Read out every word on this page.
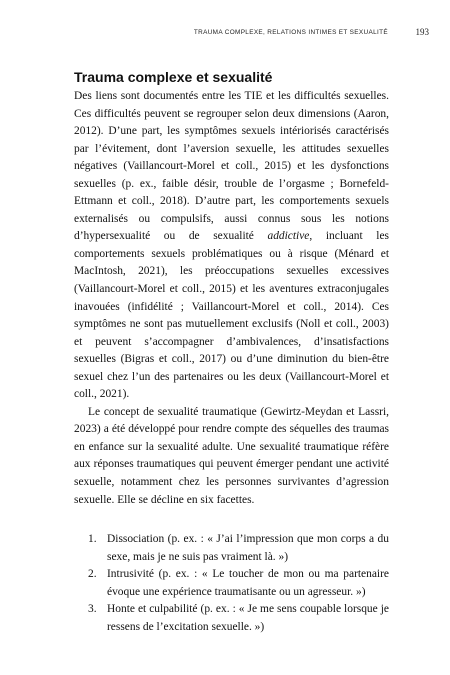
TRAUMA COMPLEXE, RELATIONS INTIMES ET SEXUALITÉ	193
Trauma complexe et sexualité

Des liens sont documentés entre les TIE et les difficultés sexuelles. Ces difficultés peuvent se regrouper selon deux dimensions (Aaron, 2012). D’une part, les symptômes sexuels intériorisés caractérisés par l’évitement, dont l’aversion sexuelle, les attitudes sexuelles négatives (Vaillancourt-Morel et coll., 2015) et les dysfonctions sexuelles (p. ex., faible désir, trouble de l’orgasme ; Bornefeld-Ettmann et coll., 2018). D’autre part, les comportements sexuels externalisés ou compulsifs, aussi connus sous les notions d’hypersexualité ou de sexualité addictive, incluant les comportements sexuels problématiques ou à risque (Ménard et MacIntosh, 2021), les préoccupations sexuelles excessives (Vaillancourt-Morel et coll., 2015) et les aventures extraconjugales inavouées (infidélité ; Vaillancourt-Morel et coll., 2014). Ces symptômes ne sont pas mutuellement exclusifs (Noll et coll., 2003) et peuvent s’accompagner d’ambivalences, d’insatisfactions sexuelles (Bigras et coll., 2017) ou d’une diminution du bien-être sexuel chez l’un des partenaires ou les deux (Vaillancourt-Morel et coll., 2021).

Le concept de sexualité traumatique (Gewirtz-Meydan et Lassri, 2023) a été développé pour rendre compte des séquelles des traumas en enfance sur la sexualité adulte. Une sexualité traumatique réfère aux réponses traumatiques qui peuvent émerger pendant une activité sexuelle, notamment chez les personnes survivantes d’agression sexuelle. Elle se décline en six facettes.

1. Dissociation (p. ex. : « J’ai l’impression que mon corps a du sexe, mais je ne suis pas vraiment là. »)
2. Intrusivité (p. ex. : « Le toucher de mon ou ma partenaire évoque une expérience traumatisante ou un agresseur. »)
3. Honte et culpabilité (p. ex. : « Je me sens coupable lorsque je ressens de l’excitation sexuelle. »)
